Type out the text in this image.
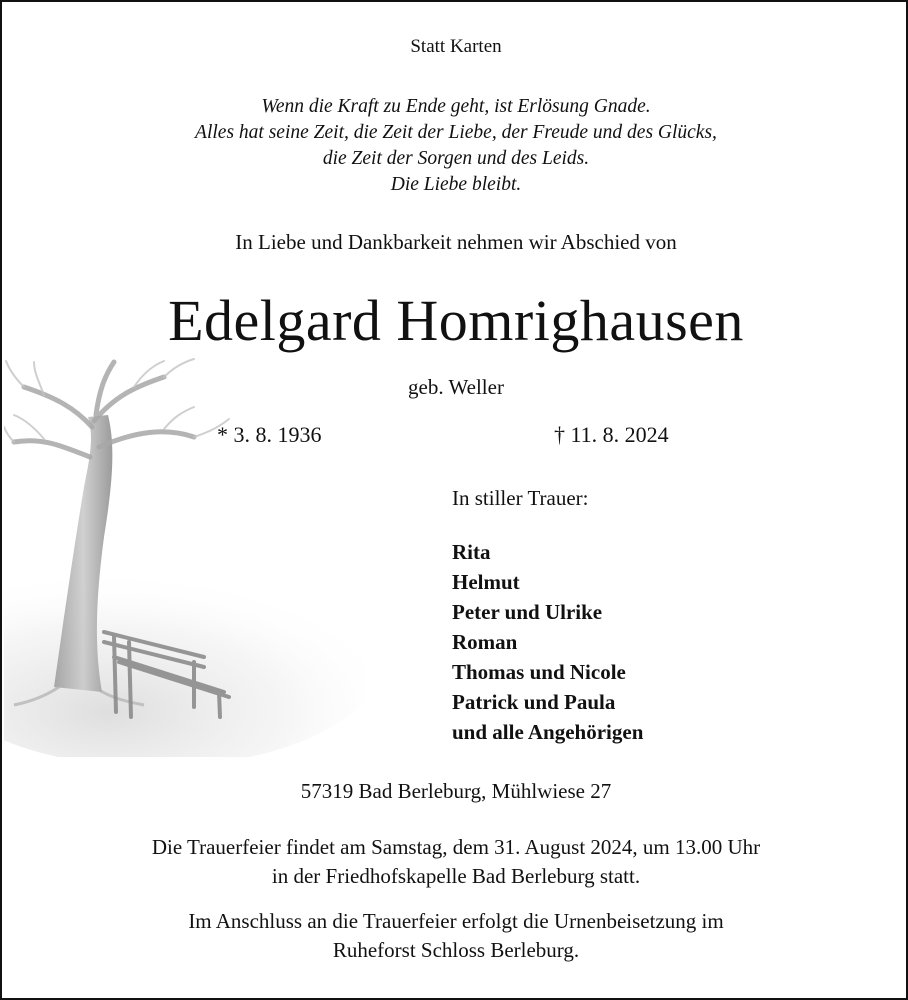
Statt Karten
Wenn die Kraft zu Ende geht, ist Erlösung Gnade.
Alles hat seine Zeit, die Zeit der Liebe, der Freude und des Glücks,
die Zeit der Sorgen und des Leids.
Die Liebe bleibt.
In Liebe und Dankbarkeit nehmen wir Abschied von
Edelgard Homrighausen
geb. Weller
* 3. 8. 1936	† 11. 8. 2024
In stiller Trauer:
Rita
Helmut
Peter und Ulrike
Roman
Thomas und Nicole
Patrick und Paula
und alle Angehörigen
57319 Bad Berleburg, Mühlwiese 27
Die Trauerfeier findet am Samstag, dem 31. August 2024, um 13.00 Uhr
in der Friedhofskapelle Bad Berleburg statt.
Im Anschluss an die Trauerfeier erfolgt die Urnenbeisetzung im
Ruheforst Schloss Berleburg.
